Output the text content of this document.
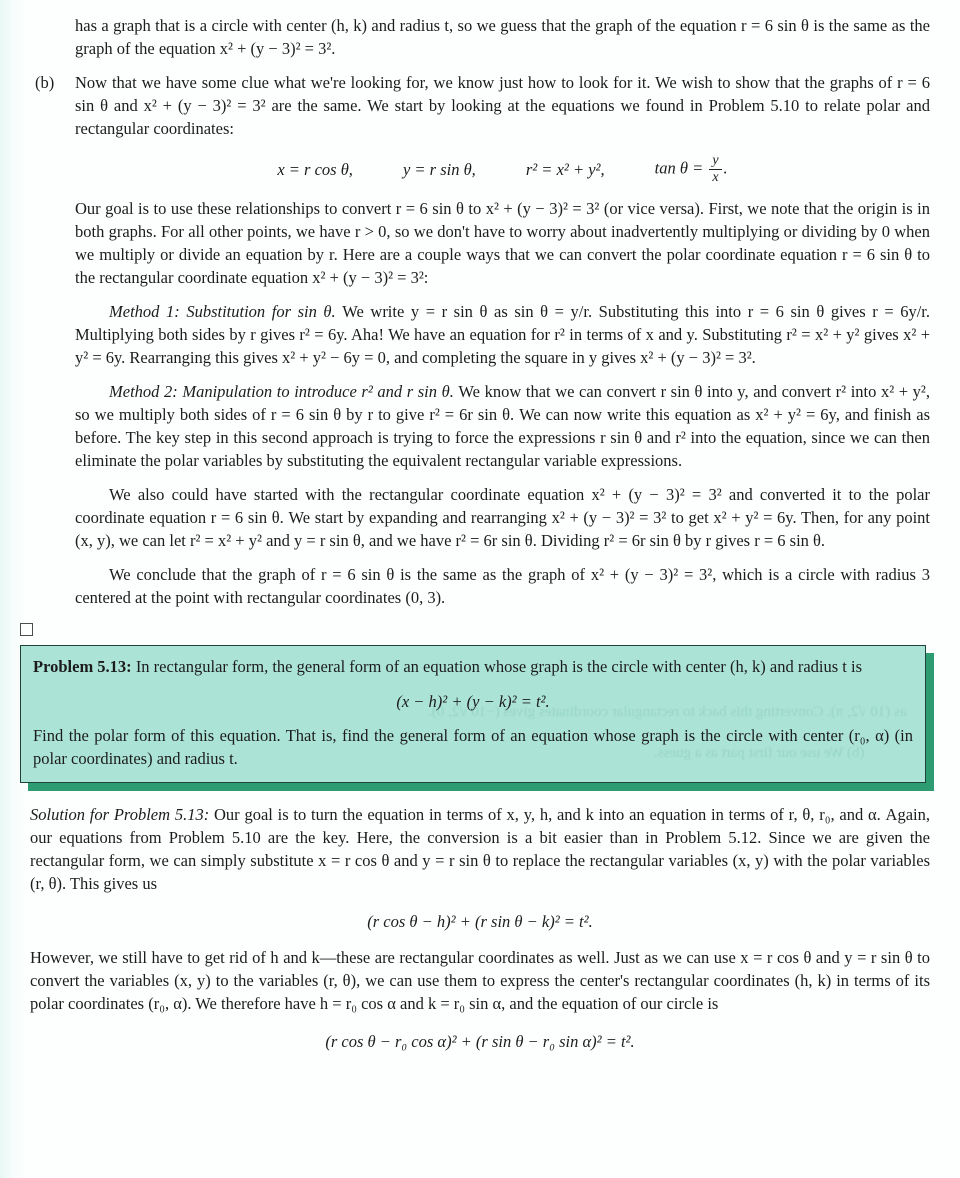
has a graph that is a circle with center (h, k) and radius t, so we guess that the graph of the equation r = 6 sin θ is the same as the graph of the equation x² + (y − 3)² = 3².

(b)	Now that we have some clue what we're looking for, we know just how to look for it. We wish to show that the graphs of r = 6 sin θ and x² + (y − 3)² = 3² are the same. We start by looking at the equations we found in Problem 5.10 to relate polar and rectangular coordinates:

x = r cos θ,	y = r sin θ,	r² = x² + y²,	$\tan \theta = \frac{y}{x}$ .

Our goal is to use these relationships to convert r = 6 sin θ to x² + (y − 3)² = 3² (or vice versa). First, we note that the origin is in both graphs. For all other points, we have r > 0, so we don't have to worry about inadvertently multiplying or dividing by 0 when we multiply or divide an equation by r. Here are a couple ways that we can convert the polar coordinate equation r = 6 sin θ to the rectangular coordinate equation x² + (y − 3)² = 3²:

Method 1: Substitution for sin θ. We write y = r sin θ as sin θ = y/r. Substituting this into r = 6 sin θ gives r = 6y/r. Multiplying both sides by r gives r² = 6y. Aha! We have an equation for r² in terms of x and y. Substituting r² = x² + y² gives x² + y² = 6y. Rearranging this gives x² + y² − 6y = 0, and completing the square in y gives x² + (y − 3)² = 3².

Method 2: Manipulation to introduce r² and r sin θ. We know that we can convert r sin θ into y, and convert r² into x² + y², so we multiply both sides of r = 6 sin θ by r to give r² = 6r sin θ. We can now write this equation as x² + y² = 6y, and finish as before. The key step in this second approach is trying to force the expressions r sin θ and r² into the equation, since we can then eliminate the polar variables by substituting the equivalent rectangular variable expressions.

We also could have started with the rectangular coordinate equation x² + (y − 3)² = 3² and converted it to the polar coordinate equation r = 6 sin θ. We start by expanding and rearranging x² + (y − 3)² = 3² to get x² + y² = 6y. Then, for any point (x, y), we can let r² = x² + y² and y = r sin θ, and we have r² = 6r sin θ. Dividing r² = 6r sin θ by r gives r = 6 sin θ.

We conclude that the graph of r = 6 sin θ is the same as the graph of x² + (y − 3)² = 3², which is a circle with radius 3 centered at the point with rectangular coordinates (0, 3).

as (10 √2, π). Converting this back to rectangular coordinates gives (−10 √2, 0).
(b) We use our first part as a guess.

Problem 5.13: In rectangular form, the general form of an equation whose graph is the circle with center (h, k) and radius t is

(x − h)² + (y − k)² = t².

Find the polar form of this equation. That is, find the general form of an equation whose graph is the circle with center (r₀, α) (in polar coordinates) and radius t.

Solution for Problem 5.13: Our goal is to turn the equation in terms of x, y, h, and k into an equation in terms of r, θ, r₀, and α. Again, our equations from Problem 5.10 are the key. Here, the conversion is a bit easier than in Problem 5.12. Since we are given the rectangular form, we can simply substitute x = r cos θ and y = r sin θ to replace the rectangular variables (x, y) with the polar variables (r, θ). This gives us

(r cos θ − h)² + (r sin θ − k)² = t².

However, we still have to get rid of h and k—these are rectangular coordinates as well. Just as we can use x = r cos θ and y = r sin θ to convert the variables (x, y) to the variables (r, θ), we can use them to express the center's rectangular coordinates (h, k) in terms of its polar coordinates (r₀, α). We therefore have h = r₀ cos α and k = r₀ sin α, and the equation of our circle is

(r cos θ − r₀ cos α)² + (r sin θ − r₀ sin α)² = t².
